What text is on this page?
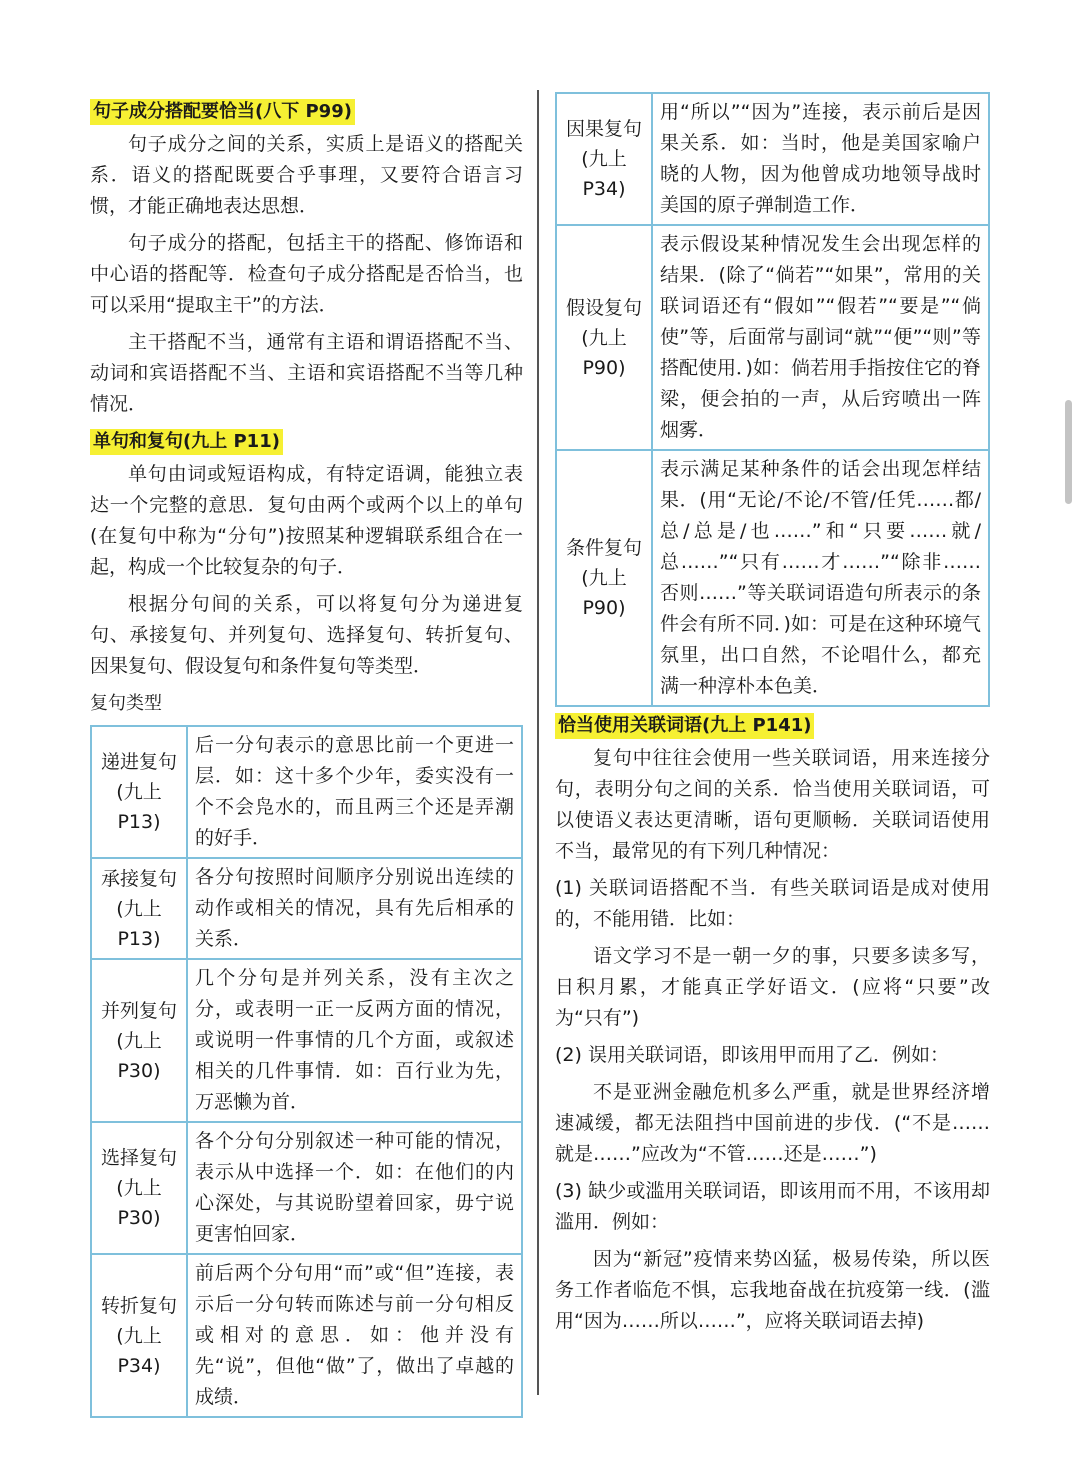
句子成分搭配要恰当(八下 P99)

句子成分之间的关系，实质上是语义的搭配关系．语义的搭配既要合乎事理，又要符合语言习惯，才能正确地表达思想．

句子成分的搭配，包括主干的搭配、修饰语和中心语的搭配等．检查句子成分搭配是否恰当，也可以采用“提取主干”的方法．

主干搭配不当，通常有主语和谓语搭配不当、动词和宾语搭配不当、主语和宾语搭配不当等几种情况．

单句和复句(九上 P11)

单句由词或短语构成，有特定语调，能独立表达一个完整的意思．复句由两个或两个以上的单句(在复句中称为“分句”)按照某种逻辑联系组合在一起，构成一个比较复杂的句子．

根据分句间的关系，可以将复句分为递进复句、承接复句、并列复句、选择复句、转折复句、因果复句、假设复句和条件复句等类型．

复句类型
递进复句
(九上 P13)	后一分句表示的意思比前一个更进一层．如：这十多个少年，委实没有一个不会凫水的，而且两三个还是弄潮的好手．
承接复句
(九上 P13)	各分句按照时间顺序分别说出连续的动作或相关的情况，具有先后相承的关系．
并列复句
(九上 P30)	几个分句是并列关系，没有主次之分，或表明一正一反两方面的情况，或说明一件事情的几个方面，或叙述相关的几件事情．如：百行业为先，万恶懒为首．
选择复句
(九上 P30)	各个分句分别叙述一种可能的情况，表示从中选择一个．如：在他们的内心深处，与其说盼望着回家，毋宁说更害怕回家．
转折复句
(九上 P34)	前后两个分句用“而”或“但”连接，表示后一分句转而陈述与前一分句相反或相对的意思．如：他并没有先“说”，但他“做”了，做出了卓越的成绩．
因果复句
(九上 P34)	用“所以”“因为”连接，表示前后是因果关系．如：当时，他是美国家喻户晓的人物，因为他曾成功地领导战时美国的原子弹制造工作．
假设复句
(九上 P90)	表示假设某种情况发生会出现怎样的结果．(除了“倘若”“如果”，常用的关联词语还有“假如”“假若”“要是”“倘使”等，后面常与副词“就”“便”“则”等搭配使用．)如：倘若用手指按住它的脊梁，便会拍的一声，从后窍喷出一阵烟雾．
条件复句
(九上 P90)	表示满足某种条件的话会出现怎样结果．(用“无论/不论/不管/任凭……都/总/总是/也……”和“只要……就/总……”“只有……才……”“除非……否则……”等关联词语造句所表示的条件会有所不同．)如：可是在这种环境气氛里，出口自然，不论唱什么，都充满一种淳朴本色美．
恰当使用关联词语(九上 P141)

复句中往往会使用一些关联词语，用来连接分句，表明分句之间的关系．恰当使用关联词语，可以使语义表达更清晰，语句更顺畅．关联词语使用不当，最常见的有下列几种情况：

(1) 关联词语搭配不当．有些关联词语是成对使用的，不能用错．比如：

语文学习不是一朝一夕的事，只要多读多写，日积月累，才能真正学好语文．(应将“只要”改为“只有”)

(2) 误用关联词语，即该用甲而用了乙．例如：

不是亚洲金融危机多么严重，就是世界经济增速减缓，都无法阻挡中国前进的步伐．(“不是……就是……”应改为“不管……还是……”)

(3) 缺少或滥用关联词语，即该用而不用，不该用却滥用．例如：

因为“新冠”疫情来势凶猛，极易传染，所以医务工作者临危不惧，忘我地奋战在抗疫第一线．(滥用“因为……所以……”，应将关联词语去掉)
